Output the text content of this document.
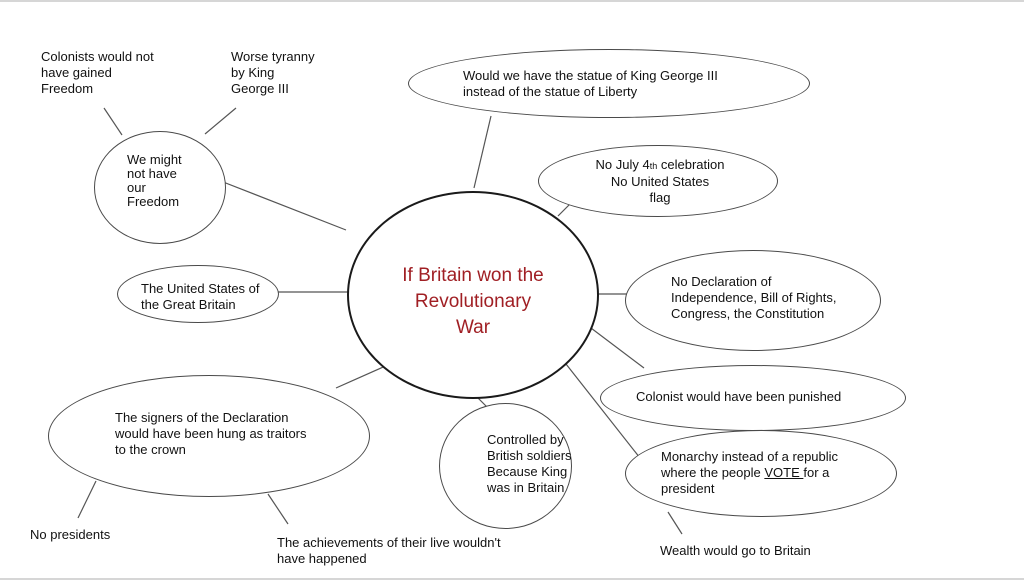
If Britain won the
Revolutionary
War
We might
not have
our
Freedom
Colonists would not
have gained
Freedom
Worse tyranny
by King
George III
Would we have the statue of King George III
instead of the statue of Liberty
No July 4th celebration
No United States
flag
The United States of
the Great Britain
No Declaration of
Independence, Bill of Rights,
Congress, the Constitution
Colonist would have been punished
The signers of the Declaration
would have been hung as traitors
to the crown
No presidents
The achievements of their live wouldn't
have happened
Controlled by
British soldiers
Because King
was in Britain
Monarchy instead of a republic
where the people VOTE for a
president
Wealth would go to Britain
